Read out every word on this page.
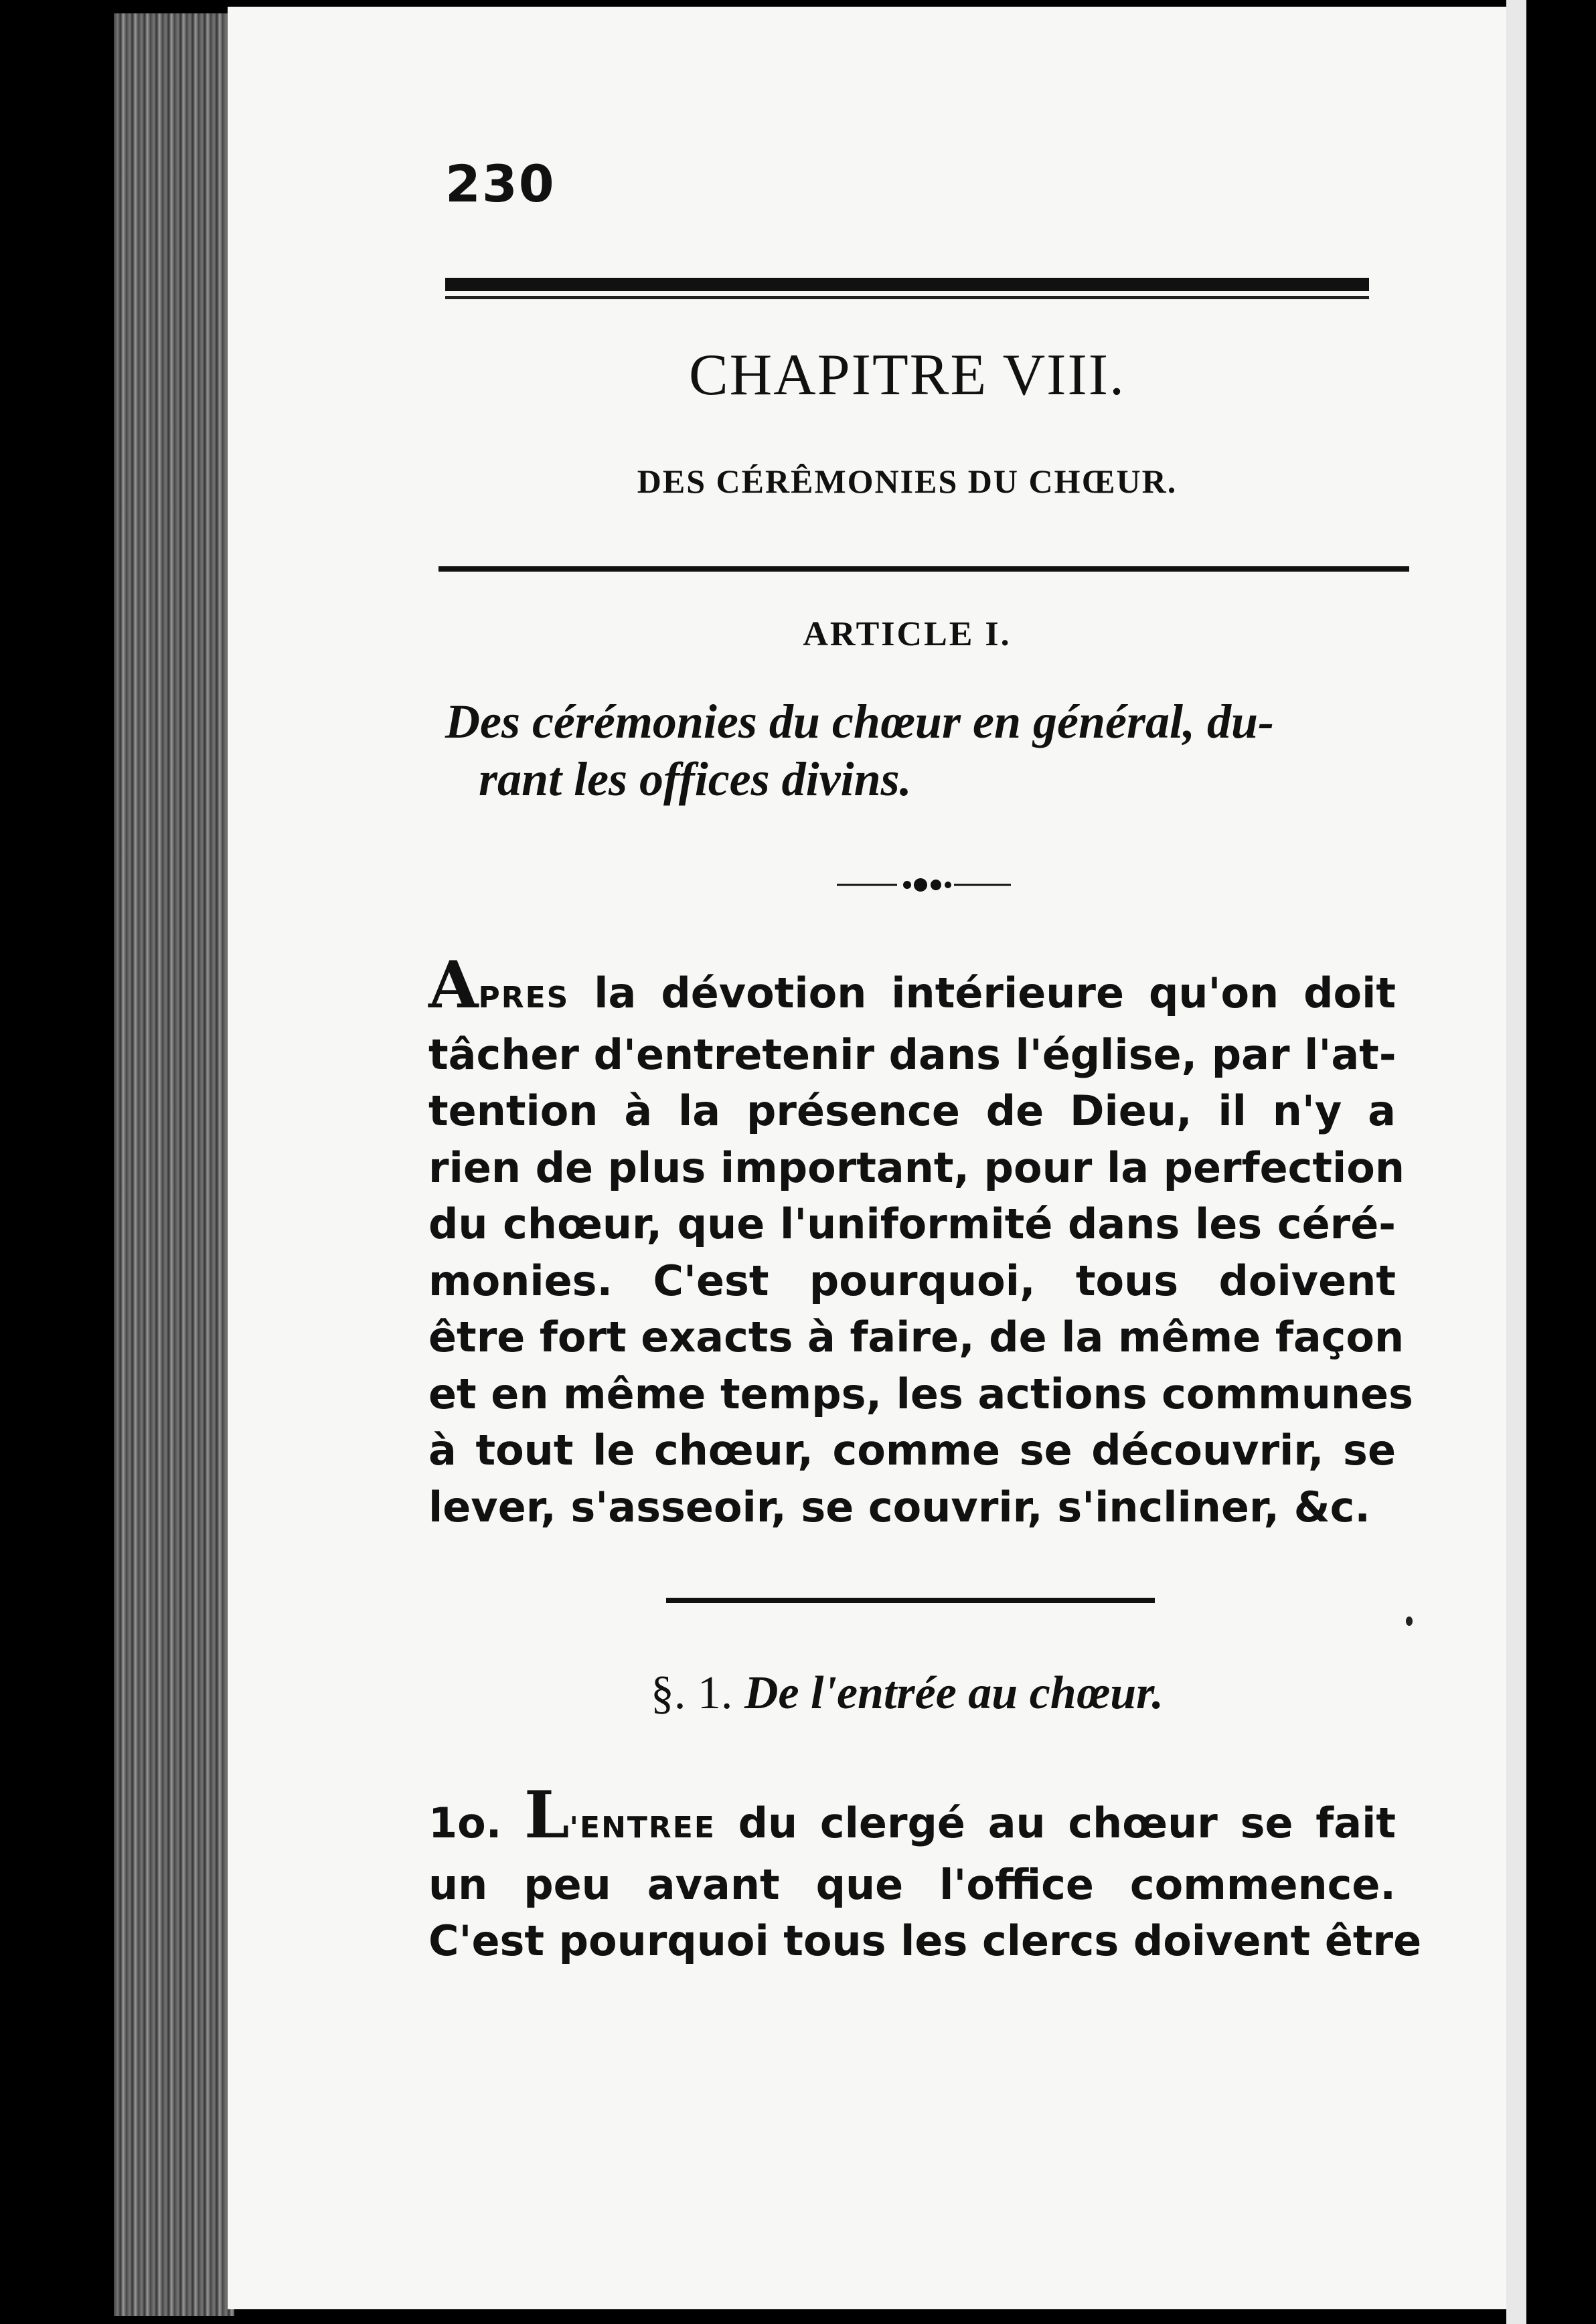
230
CHAPITRE VIII.
DES CÉRÊMONIES DU CHŒUR.
ARTICLE I.
Des cérémonies du chœur en général, du-
rant les offices divins.
APRES la dévotion intérieure qu'on doit
tâcher d'entretenir dans l'église, par l'at-
tention à la présence de Dieu, il n'y a
rien de plus important, pour la perfection
du chœur, que l'uniformité dans les céré-
monies. C'est pourquoi, tous doivent
être fort exacts à faire, de la même façon
et en même temps, les actions communes
à tout le chœur, comme se découvrir, se
lever, s'asseoir, se couvrir, s'incliner, &c.
§. 1. De l'entrée au chœur.
1o. L'ENTREE du clergé au chœur se fait
un peu avant que l'office commence.
C'est pourquoi tous les clercs doivent être
